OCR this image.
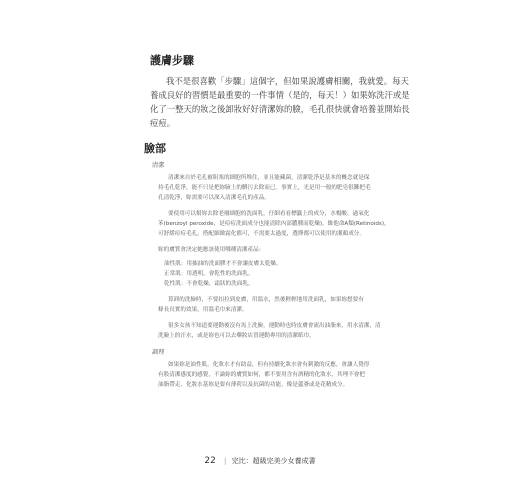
護膚步驟
我不是很喜歡「步驟」這個字，但如果說護膚相關，我就愛。每天
養成良好的習慣是最重要的一件事情（是的，每天！）如果妳洗汗或是
化了一整天的妝之後卸妝好好清潔妳的臉，毛孔很快就會培養並開始長
痘痘。
臉部
清潔
清潔來自於毛孔被阻塞的細胞所堆住，並且能藏菌，清潔乾淨是基本的概念就是保
持毛孔乾淨，能不只是把妳臉上的髒污去除而已。事實上，光是用一般的肥皂很難把毛
孔清乾淨，妳需要可以深入清潔毛孔的產品。
要使用可以幫妳去除老廢細胞的洗面乳，仔細看看標籤上的成分，水楊酸、過氧化
苯(benzoyl peroxide，是痘痘洗面成分也能清除內部膿腫而乾燥)，維他命A類(Retinoids)，
可舒緩痘痘毛孔，搭配細緻霜化都可，不需要太過度，選擇都可以使用的潔顏成分。
妳的膚質會決定她應該使用哪種清潔產品：
油性肌：用抽油的洗面膠才不會讓皮膚太乾燥。
正常肌：用透明，會乾性的洗面乳。
乾性肌：不會乾燥、霜狀的洗面乳。
算卸的洗臉時，不要扣拉到皮膚，用溫水，然後輕輕地用洗面乳，如果妳想要有
條長長實的效果，用溫毛巾來清潔。
很多女孩不知道要運動後沒有馬上洗臉，運動時也時皮膚會流出油脂來，用水清潔，清
洗臉上的汗水，或是妳也可以去藥妝店買運動專用的清潔紙巾。
調理
如果妳是油性肌，化妝水才有助益，但有持續化妝水會有刺激的反應，會讓人覺得
有股清潔感度的感覺，不論妳的膚質如何，都不要用含有酒精的化妝水，其理不會把
油脂帶走，化妝水基妳是要有薄荷以及抗菌的功能，像是蘆薈或是花精成分。
22 | 完比：超級完美少女養成書
